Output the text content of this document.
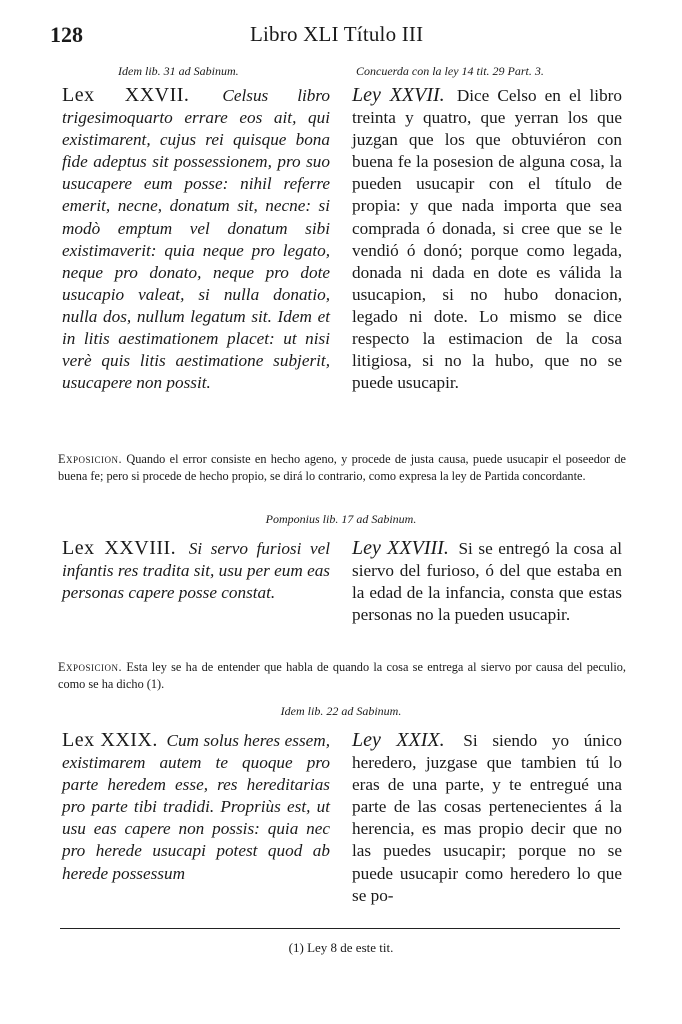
128	Libro XLI Título III
Idem lib. 31 ad Sabinum.	Concuerda con la ley 14 tit. 29 Part. 3.
Lex XXVII. Celsus libro trigesimoquarto errare eos ait, qui existimarent, cujus rei quisque bona fide adeptus sit possessionem, pro suo usucapere eum posse: nihil referre emerit, necne, donatum sit, necne: si modò emptum vel donatum sibi existimaverit: quia neque pro legato, neque pro donato, neque pro dote usucapio valeat, si nulla donatio, nulla dos, nullum legatum sit. Idem et in litis aestimationem placet: ut nisi verè quis litis aestimatione subjerit, usucapere non possit.
Ley XXVII. Dice Celso en el libro treinta y quatro, que yerran los que juzgan que los que obtuviéron con buena fe la posesion de alguna cosa, la pueden usucapir con el título de propia: y que nada importa que sea comprada ó donada, si cree que se le vendió ó donó; porque como legada, donada ni dada en dote es válida la usucapion, si no hubo donacion, legado ni dote. Lo mismo se dice respecto la estimacion de la cosa litigiosa, si no la hubo, que no se puede usucapir.
Exposicion. Quando el error consiste en hecho ageno, y procede de justa causa, puede usucapir el poseedor de buena fe; pero si procede de hecho propio, se dirá lo contrario, como expresa la ley de Partida concordante.
Pomponius lib. 17 ad Sabinum.
Lex XXVIII. Si servo furiosi vel infantis res tradita sit, usu per eum eas personas capere posse constat.
Ley XXVIII. Si se entregó la cosa al siervo del furioso, ó del que estaba en la edad de la infancia, consta que estas personas no la pueden usucapir.
Exposicion. Esta ley se ha de entender que habla de quando la cosa se entrega al siervo por causa del peculio, como se ha dicho (1).
Idem lib. 22 ad Sabinum.
Lex XXIX. Cum solus heres essem, existimarem autem te quoque pro parte heredem esse, res hereditarias pro parte tibi tradidi. Propriùs est, ut usu eas capere non possis: quia nec pro herede usucapi potest quod ab herede possessum
Ley XXIX. Si siendo yo único heredero, juzgase que tambien tú lo eras de una parte, y te entregué una parte de las cosas pertenecientes á la herencia, es mas propio decir que no las puedes usucapir; porque no se puede usucapir como heredero lo que se po-
(1) Ley 8 de este tit.
